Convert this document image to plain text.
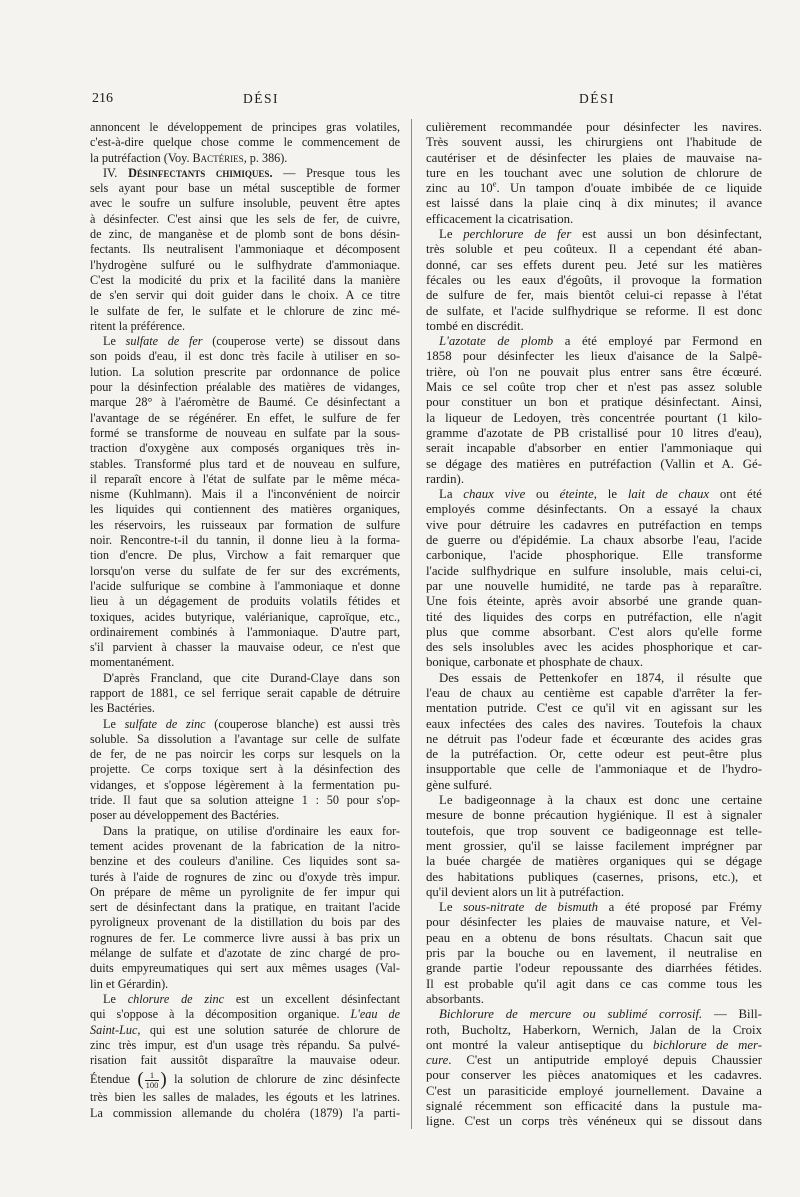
216	DÉSI	DÉSI
annoncent le développement de principes gras volatiles,
c'est-à-dire quelque chose comme le commencement de
la putréfaction (Voy. Bactéries, p. 386).
IV. Désinfectants chimiques. — Presque tous les
sels ayant pour base un métal susceptible de former
avec le soufre un sulfure insoluble, peuvent être aptes
à désinfecter. C'est ainsi que les sels de fer, de cuivre,
de zinc, de manganèse et de plomb sont de bons désin-
fectants. Ils neutralisent l'ammoniaque et décomposent
l'hydrogène sulfuré ou le sulfhydrate d'ammoniaque.
C'est la modicité du prix et la facilité dans la manière
de s'en servir qui doit guider dans le choix. A ce titre
le sulfate de fer, le sulfate et le chlorure de zinc mé-
ritent la préférence.
Le sulfate de fer (couperose verte) se dissout dans
son poids d'eau, il est donc très facile à utiliser en so-
lution. La solution prescrite par ordonnance de police
pour la désinfection préalable des matières de vidanges,
marque 28° à l'aéromètre de Baumé. Ce désinfectant a
l'avantage de se régénérer. En effet, le sulfure de fer
formé se transforme de nouveau en sulfate par la sous-
traction d'oxygène aux composés organiques très in-
stables. Transformé plus tard et de nouveau en sulfure,
il reparaît encore à l'état de sulfate par le même méca-
nisme (Kuhlmann). Mais il a l'inconvénient de noircir
les liquides qui contiennent des matières organiques,
les réservoirs, les ruisseaux par formation de sulfure
noir. Rencontre-t-il du tannin, il donne lieu à la forma-
tion d'encre. De plus, Virchow a fait remarquer que
lorsqu'on verse du sulfate de fer sur des excréments,
l'acide sulfurique se combine à l'ammoniaque et donne
lieu à un dégagement de produits volatils fétides et
toxiques, acides butyrique, valérianique, caproïque, etc.,
ordinairement combinés à l'ammoniaque. D'autre part,
s'il parvient à chasser la mauvaise odeur, ce n'est que
momentanément.
D'après Francland, que cite Durand-Claye dans son
rapport de 1881, ce sel ferrique serait capable de détruire
les Bactéries.
Le sulfate de zinc (couperose blanche) est aussi très
soluble. Sa dissolution a l'avantage sur celle de sulfate
de fer, de ne pas noircir les corps sur lesquels on la
projette. Ce corps toxique sert à la désinfection des
vidanges, et s'oppose légèrement à la fermentation pu-
tride. Il faut que sa solution atteigne 1 : 50 pour s'op-
poser au développement des Bactéries.
Dans la pratique, on utilise d'ordinaire les eaux for-
tement acides provenant de la fabrication de la nitro-
benzine et des couleurs d'aniline. Ces liquides sont sa-
turés à l'aide de rognures de zinc ou d'oxyde très impur.
On prépare de même un pyrolignite de fer impur qui
sert de désinfectant dans la pratique, en traitant l'acide
pyroligneux provenant de la distillation du bois par des
rognures de fer. Le commerce livre aussi à bas prix un
mélange de sulfate et d'azotate de zinc chargé de pro-
duits empyreumatiques qui sert aux mêmes usages (Val-
lin et Gérardin).
Le chlorure de zinc est un excellent désinfectant
qui s'oppose à la décomposition organique. L'eau de
Saint-Luc, qui est une solution saturée de chlorure de
zinc très impur, est d'un usage très répandu. Sa pulvé-
risation fait aussitôt disparaître la mauvaise odeur.
Étendue ( $\frac{1}{100}$ ) la solution de chlorure de zinc désinfecte
très bien les salles de malades, les égouts et les latrines.
La commission allemande du choléra (1879) l'a parti-
culièrement recommandée pour désinfecter les navires.
Très souvent aussi, les chirurgiens ont l'habitude de
cautériser et de désinfecter les plaies de mauvaise na-
ture en les touchant avec une solution de chlorure de
zinc au 10e. Un tampon d'ouate imbibée de ce liquide
est laissé dans la plaie cinq à dix minutes; il avance
efficacement la cicatrisation.
Le perchlorure de fer est aussi un bon désinfectant,
très soluble et peu coûteux. Il a cependant été aban-
donné, car ses effets durent peu. Jeté sur les matières
fécales ou les eaux d'égoûts, il provoque la formation
de sulfure de fer, mais bientôt celui-ci repasse à l'état
de sulfate, et l'acide sulfhydrique se reforme. Il est donc
tombé en discrédit.
L'azotate de plomb a été employé par Fermond en
1858 pour désinfecter les lieux d'aisance de la Salpê-
trière, où l'on ne pouvait plus entrer sans être écœuré.
Mais ce sel coûte trop cher et n'est pas assez soluble
pour constituer un bon et pratique désinfectant. Ainsi,
la liqueur de Ledoyen, très concentrée pourtant (1 kilo-
gramme d'azotate de PB cristallisé pour 10 litres d'eau),
serait incapable d'absorber en entier l'ammoniaque qui
se dégage des matières en putréfaction (Vallin et A. Gé-
rardin).
La chaux vive ou éteinte, le lait de chaux ont été
employés comme désinfectants. On a essayé la chaux
vive pour détruire les cadavres en putréfaction en temps
de guerre ou d'épidémie. La chaux absorbe l'eau, l'acide
carbonique, l'acide phosphorique. Elle transforme
l'acide sulfhydrique en sulfure insoluble, mais celui-ci,
par une nouvelle humidité, ne tarde pas à reparaître.
Une fois éteinte, après avoir absorbé une grande quan-
tité des liquides des corps en putréfaction, elle n'agit
plus que comme absorbant. C'est alors qu'elle forme
des sels insolubles avec les acides phosphorique et car-
bonique, carbonate et phosphate de chaux.
Des essais de Pettenkofer en 1874, il résulte que
l'eau de chaux au centième est capable d'arrêter la fer-
mentation putride. C'est ce qu'il vit en agissant sur les
eaux infectées des cales des navires. Toutefois la chaux
ne détruit pas l'odeur fade et écœurante des acides gras
de la putréfaction. Or, cette odeur est peut-être plus
insupportable que celle de l'ammoniaque et de l'hydro-
gène sulfuré.
Le badigeonnage à la chaux est donc une certaine
mesure de bonne précaution hygiénique. Il est à signaler
toutefois, que trop souvent ce badigeonnage est telle-
ment grossier, qu'il se laisse facilement imprégner par
la buée chargée de matières organiques qui se dégage
des habitations publiques (casernes, prisons, etc.), et
qu'il devient alors un lit à putréfaction.
Le sous-nitrate de bismuth a été proposé par Frémy
pour désinfecter les plaies de mauvaise nature, et Vel-
peau en a obtenu de bons résultats. Chacun sait que
pris par la bouche ou en lavement, il neutralise en
grande partie l'odeur repoussante des diarrhées fétides.
Il est probable qu'il agit dans ce cas comme tous les
absorbants.
Bichlorure de mercure ou sublimé corrosif. — Bill-
roth, Bucholtz, Haberkorn, Wernich, Jalan de la Croix
ont montré la valeur antiseptique du bichlorure de mer-
cure. C'est un antiputride employé depuis Chaussier
pour conserver les pièces anatomiques et les cadavres.
C'est un parasiticide employé journellement. Davaine a
signalé récemment son efficacité dans la pustule ma-
ligne. C'est un corps très vénéneux qui se dissout dans
